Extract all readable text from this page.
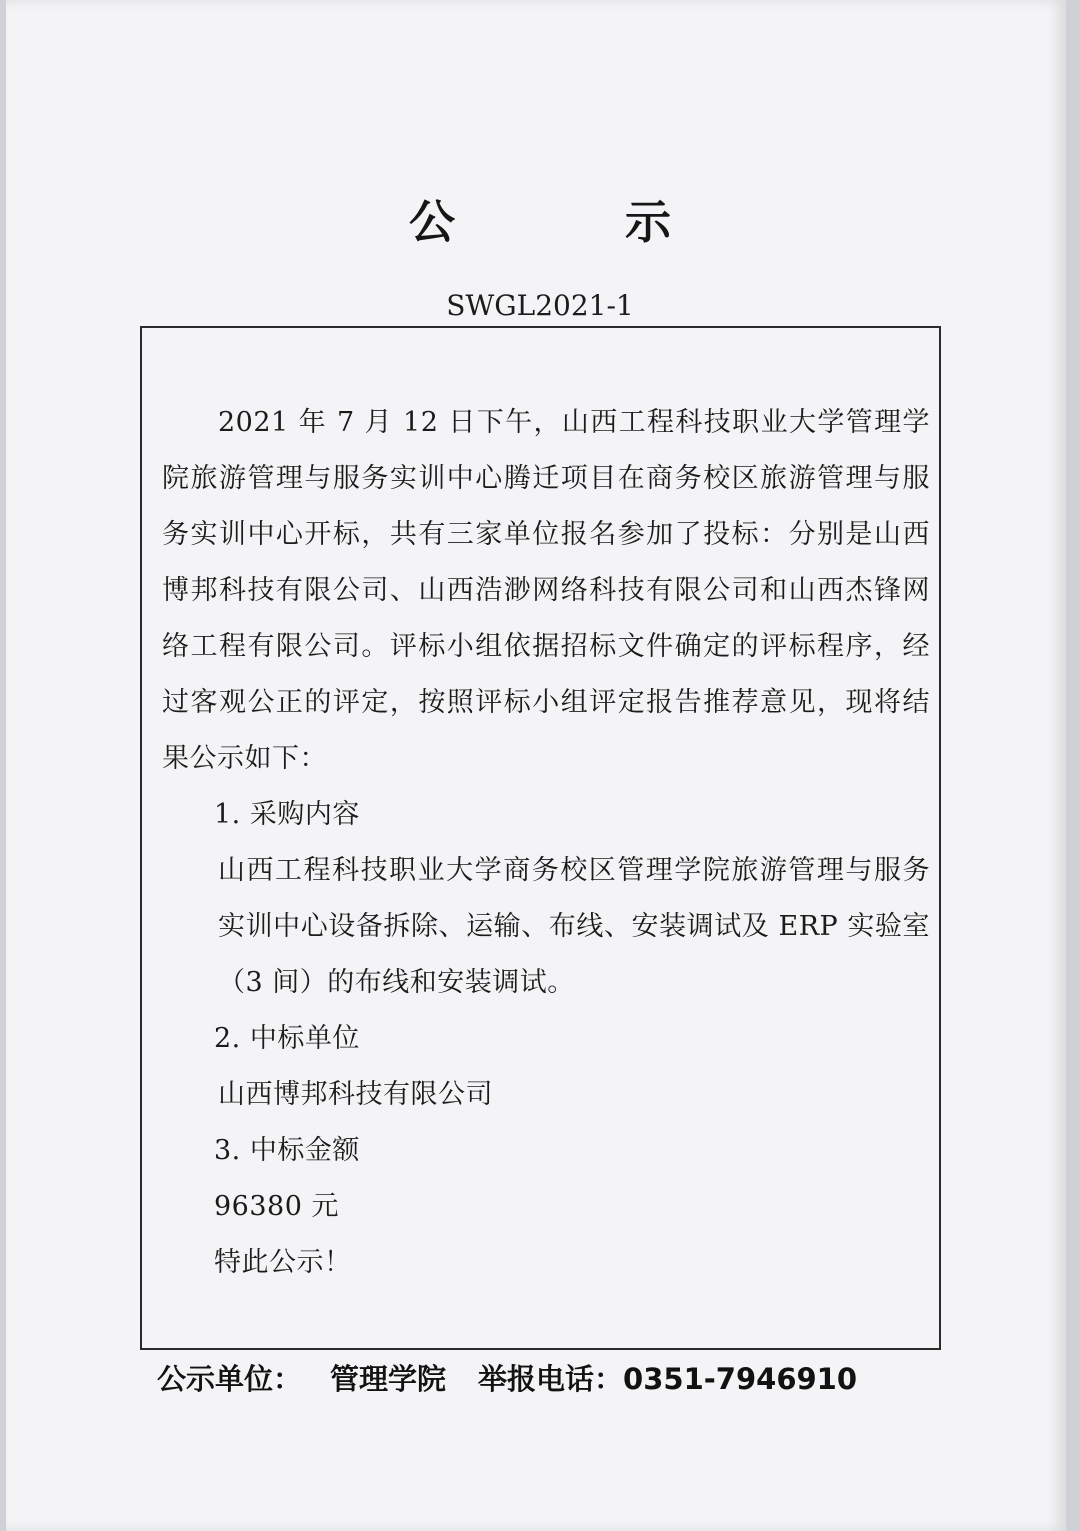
公　示
SWGL2021-1

2021 年 7 月 12 日下午，山西工程科技职业大学管理学院旅游管理与服务实训中心腾迁项目在商务校区旅游管理与服务实训中心开标，共有三家单位报名参加了投标：分别是山西博邦科技有限公司、山西浩渺网络科技有限公司和山西杰锋网络工程有限公司。评标小组依据招标文件确定的评标程序，经过客观公正的评定，按照评标小组评定报告推荐意见，现将结果公示如下：

1. 采购内容

山西工程科技职业大学商务校区管理学院旅游管理与服务实训中心设备拆除、运输、布线、安装调试及 ERP 实验室（3 间）的布线和安装调试。

2. 中标单位

山西博邦科技有限公司

3. 中标金额

96380 元

特此公示！

公示单位： 管理学院 举报电话：0351-7946910
